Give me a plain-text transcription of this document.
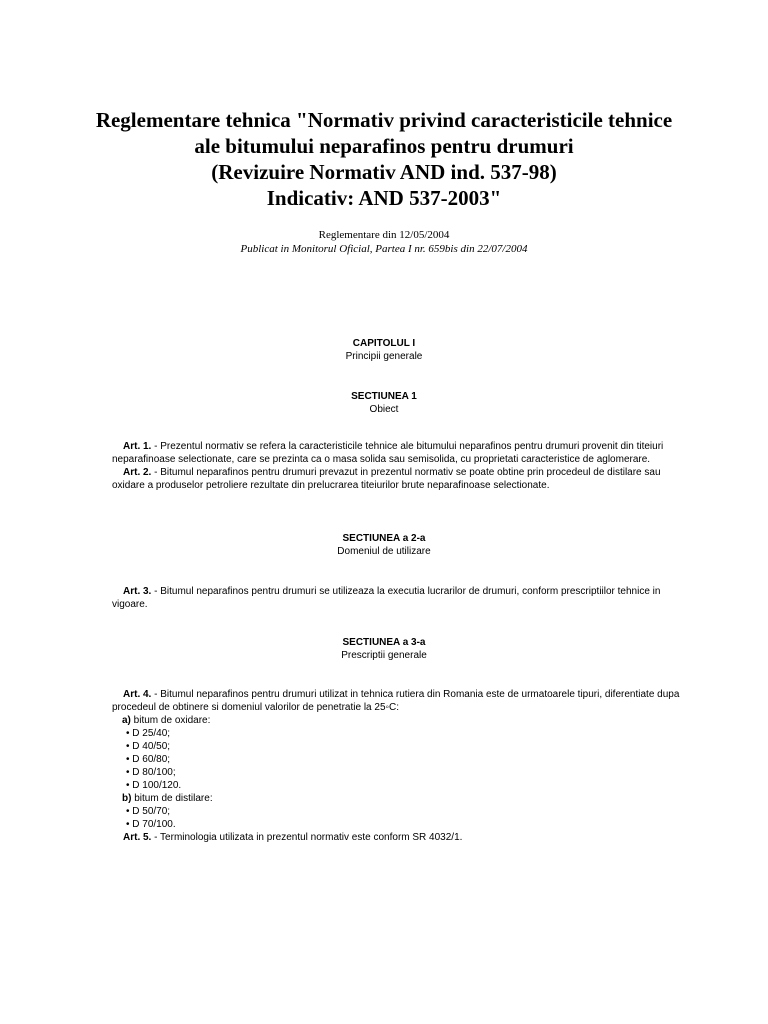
Reglementare tehnica "Normativ privind caracteristicile tehnice
ale bitumului neparafinos pentru drumuri
(Revizuire Normativ AND ind. 537-98)
Indicativ: AND 537-2003"
Reglementare din 12/05/2004
Publicat in Monitorul Oficial, Partea I nr. 659bis din 22/07/2004
CAPITOLUL I
Principii generale
SECTIUNEA 1
Obiect

Art. 1. - Prezentul normativ se refera la caracteristicile tehnice ale bitumului neparafinos pentru drumuri provenit din titeiuri neparafinoase selectionate, care se prezinta ca o masa solida sau semisolida, cu proprietati caracteristice de aglomerare.

Art. 2. - Bitumul neparafinos pentru drumuri prevazut in prezentul normativ se poate obtine prin procedeul de distilare sau oxidare a produselor petroliere rezultate din prelucrarea titeiurilor brute neparafinoase selectionate.

SECTIUNEA a 2-a
Domeniul de utilizare

Art. 3. - Bitumul neparafinos pentru drumuri se utilizeaza la executia lucrarilor de drumuri, conform prescriptiilor tehnice in vigoare.

SECTIUNEA a 3-a
Prescriptii generale

Art. 4. - Bitumul neparafinos pentru drumuri utilizat in tehnica rutiera din Romania este de urmatoarele tipuri, diferentiate dupa procedeul de obtinere si domeniul valorilor de penetratie la 25◦C:

a) bitum de oxidare:

• D 25/40;

• D 40/50;

• D 60/80;

• D 80/100;

• D 100/120.

b) bitum de distilare:

• D 50/70;

• D 70/100.

Art. 5. - Terminologia utilizata in prezentul normativ este conform SR 4032/1.
